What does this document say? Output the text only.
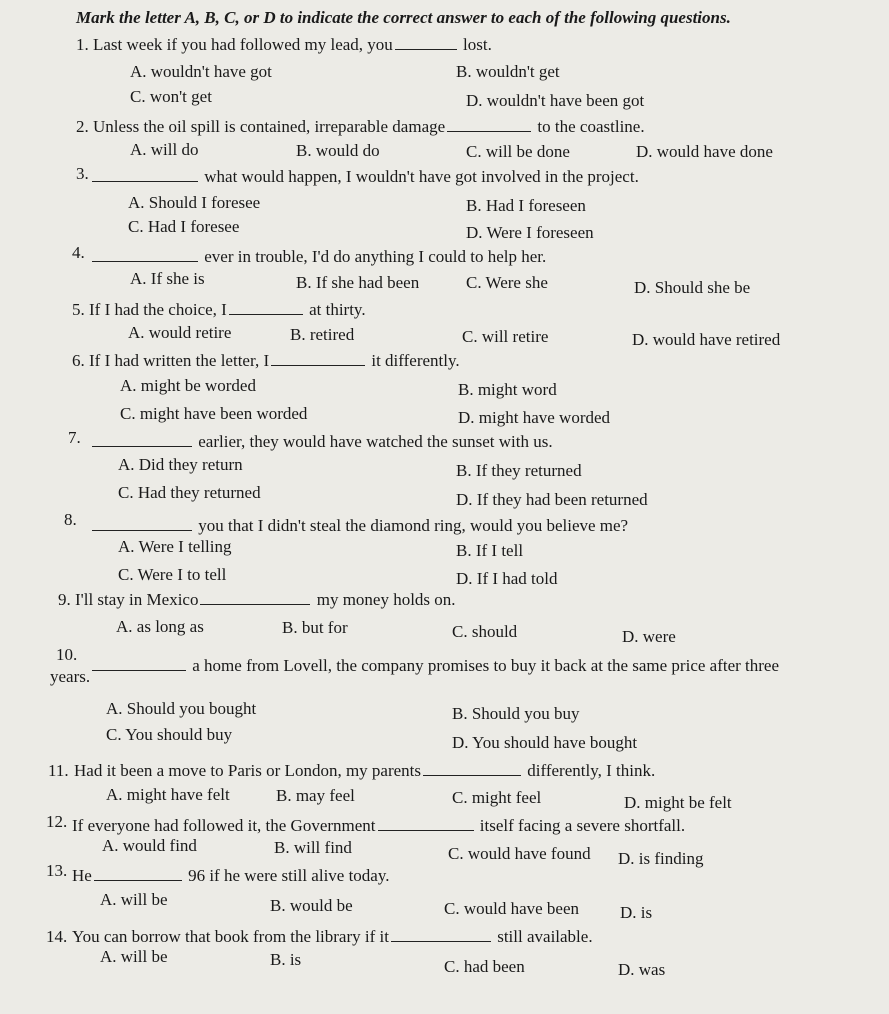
Mark the letter A, B, C, or D to indicate the correct answer to each of the following questions.
1. Last week if you had followed my lead, you	lost.
A. wouldn't have got	B. wouldn't get
C. won't get	D. wouldn't have been got
2. Unless the oil spill is contained, irreparable damage	to the coastline.
A. will do	B. would do	C. will be done	D. would have done
3.	what would happen, I wouldn't have got involved in the project.
A. Should I foresee	B. Had I foreseen
C. Had I foresee	D. Were I foreseen
4.	ever in trouble, I'd do anything I could to help her.
A. If she is	B. If she had been	C. Were she	D. Should she be
5. If I had the choice, I	at thirty.
A. would retire	B. retired	C. will retire	D. would have retired
6. If I had written the letter, I	it differently.
A. might be worded	B. might word
C. might have been worded	D. might have worded
7.	earlier, they would have watched the sunset with us.
A. Did they return	B. If they returned
C. Had they returned	D. If they had been returned
8.	you that I didn't steal the diamond ring, would you believe me?
A. Were I telling	B. If I tell
C. Were I to tell	D. If I had told
9. I'll stay in Mexico	my money holds on.
A. as long as	B. but for	C. should	D. were
10.
a home from Lovell, the company promises to buy it back at the same price after three
years.
A. Should you bought	B. Should you buy
C. You should buy	D. You should have bought
11. Had it been a move to Paris or London, my parents	differently, I think.
A. might have felt	B. may feel	C. might feel	D. might be felt
12. If everyone had followed it, the Government	itself facing a severe shortfall.
A. would find	B. will find	C. would have found D. is finding
13. He	96 if he were still alive today.
A. will be	B. would be	C. would have been D. is
14. You can borrow that book from the library if it	still available.
A. will be	B. is	C. had been	D. was
